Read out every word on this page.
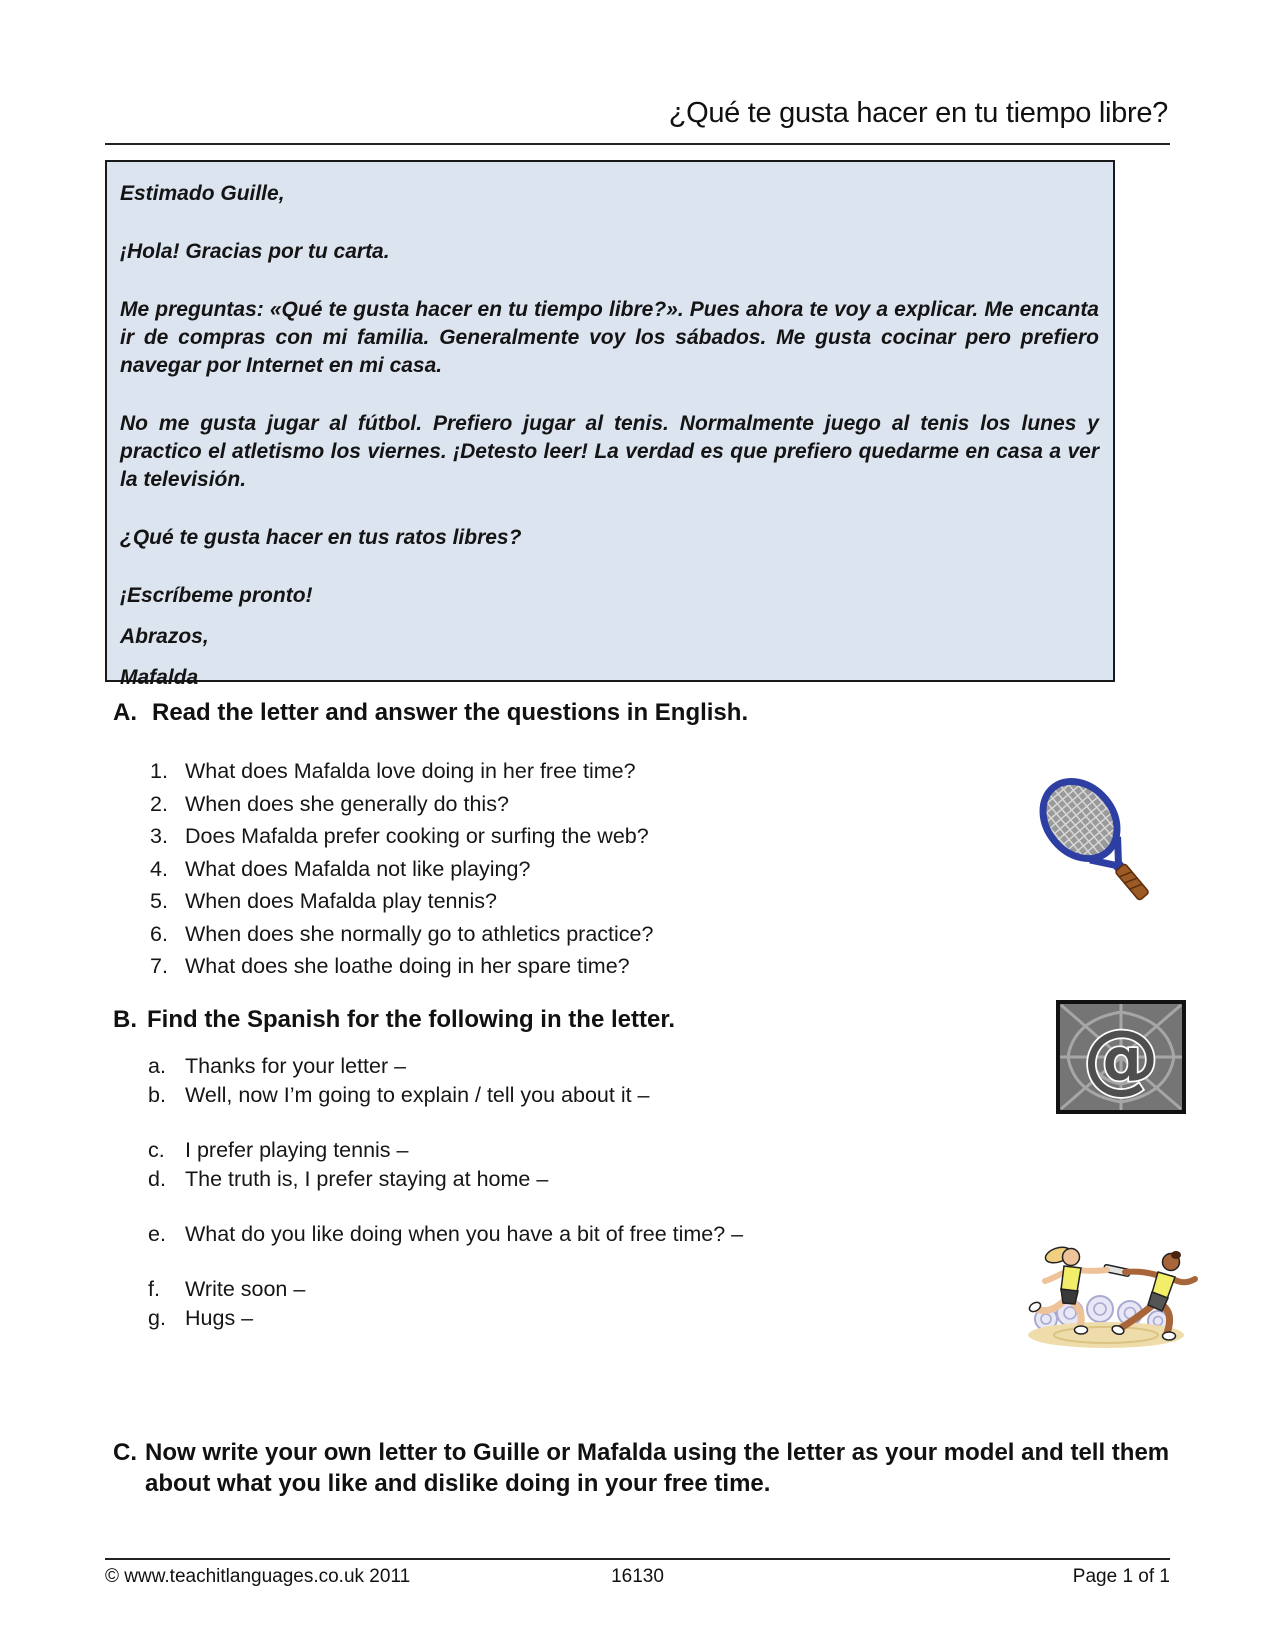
¿Qué te gusta hacer en tu tiempo libre?

Estimado Guille,

¡Hola! Gracias por tu carta.

Me preguntas: «Qué te gusta hacer en tu tiempo libre?». Pues ahora te voy a explicar. Me encanta ir de compras con mi familia. Generalmente voy los sábados. Me gusta cocinar pero prefiero navegar por Internet en mi casa.

No me gusta jugar al fútbol. Prefiero jugar al tenis. Normalmente juego al tenis los lunes y practico el atletismo los viernes. ¡Detesto leer! La verdad es que prefiero quedarme en casa a ver la televisión.

¿Qué te gusta hacer en tus ratos libres?

¡Escríbeme pronto!

Abrazos,

Mafalda

A. Read the letter and answer the questions in English.
1. What does Mafalda love doing in her free time?
2. When does she generally do this?
3. Does Mafalda prefer cooking or surfing the web?
4. What does Mafalda not like playing?
5. When does Mafalda play tennis?
6. When does she normally go to athletics practice?
7. What does she loathe doing in her spare time?
B. Find the Spanish for the following in the letter.
a. Thanks for your letter –
b. Well, now I’m going to explain / tell you about it –
c. I prefer playing tennis –
d. The truth is, I prefer staying at home –
e. What do you like doing when you have a bit of free time? –
f.	Write soon –
g. Hugs –
@
C. Now write your own letter to Guille or Mafalda using the letter as your model and tell them about what you like and dislike doing in your free time.
© www.teachitlanguages.co.uk 2011	16130	Page 1 of 1
